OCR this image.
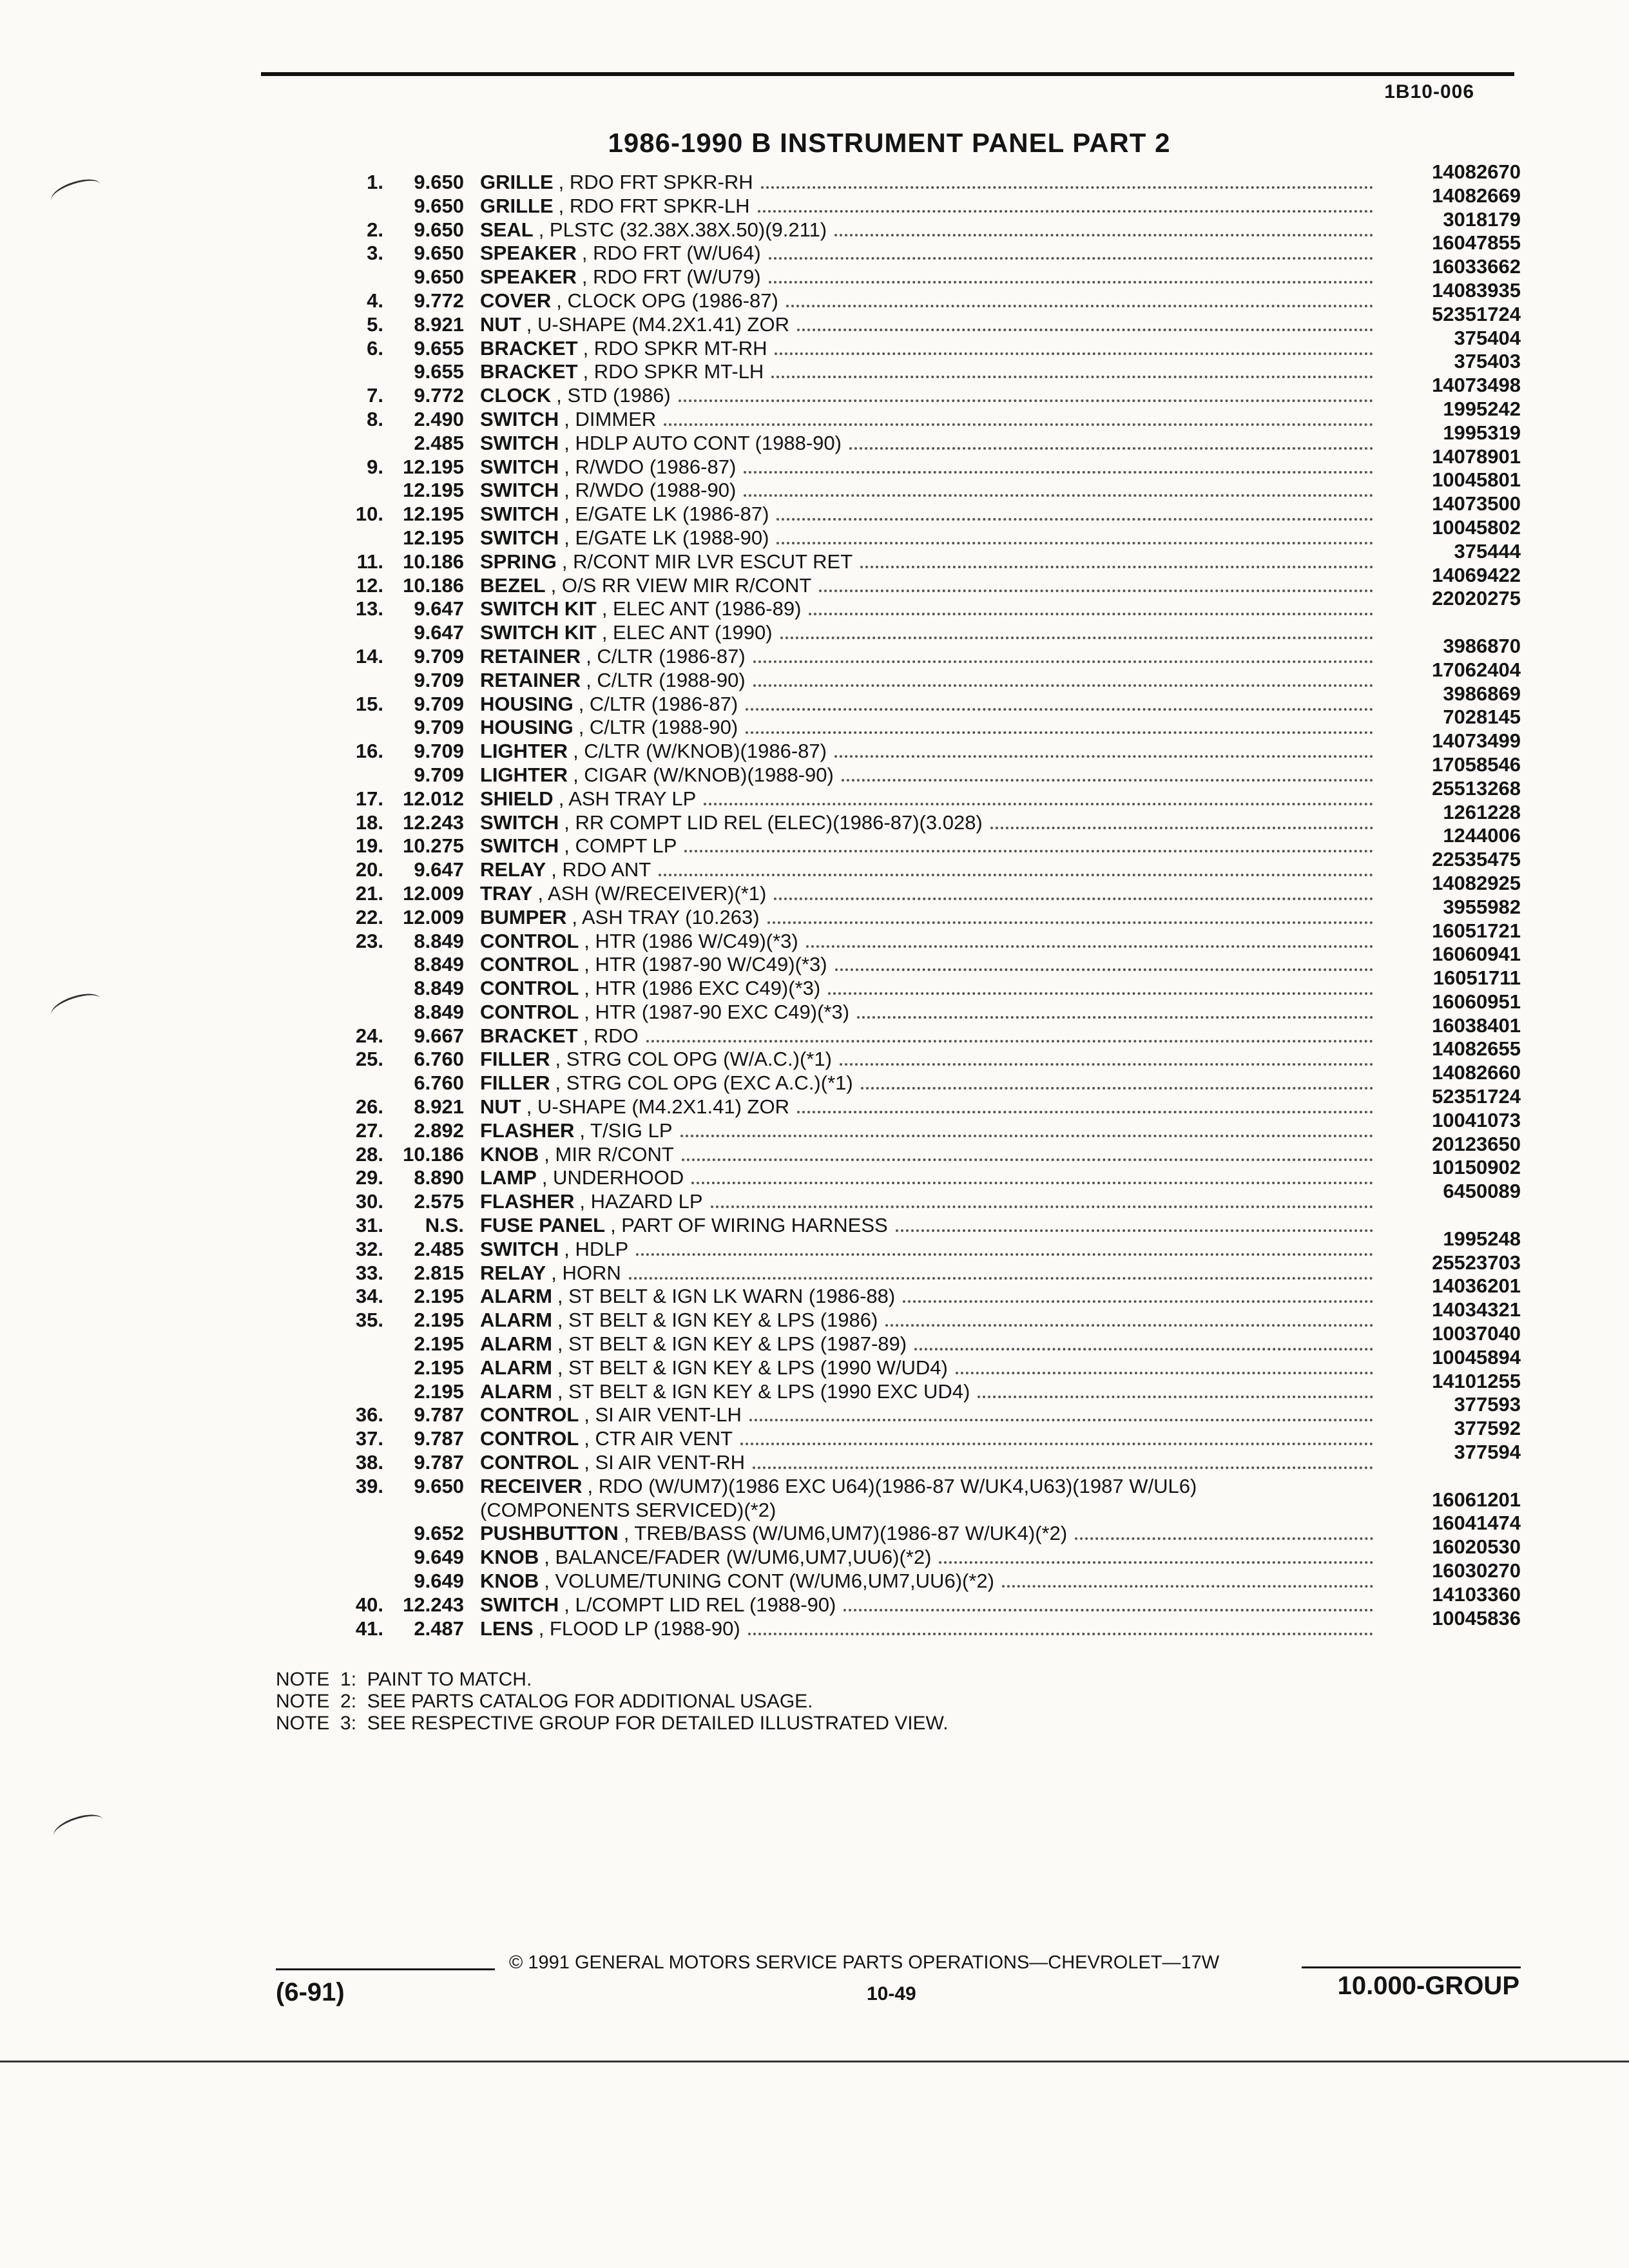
1B10-006
1986-1990 B INSTRUMENT PANEL PART 2
1.	9.650 GRILLE , RDO FRT SPKR-RH	14082670
9.650 GRILLE , RDO FRT SPKR-LH	14082669
2.	9.650 SEAL , PLSTC (32.38X.38X.50)(9.211)	3018179
3.	9.650 SPEAKER , RDO FRT (W/U64)	16047855
9.650 SPEAKER , RDO FRT (W/U79)	16033662
4.	9.772 COVER , CLOCK OPG (1986-87)	14083935
5.	8.921 NUT , U-SHAPE (M4.2X1.41) ZOR	52351724
6.	9.655 BRACKET , RDO SPKR MT-RH	375404
9.655 BRACKET , RDO SPKR MT-LH	375403
7.	9.772 CLOCK , STD (1986)	14073498
8.	2.490 SWITCH , DIMMER	1995242
2.485 SWITCH , HDLP AUTO CONT (1988-90)	1995319
9. 12.195 SWITCH , R/WDO (1986-87)	14078901
12.195 SWITCH , R/WDO (1988-90)	10045801
10. 12.195 SWITCH , E/GATE LK (1986-87)	14073500
12.195 SWITCH , E/GATE LK (1988-90)	10045802
11. 10.186 SPRING , R/CONT MIR LVR ESCUT RET	375444
12. 10.186 BEZEL , O/S RR VIEW MIR R/CONT	14069422
13.	9.647 SWITCH KIT , ELEC ANT (1986-89)	22020275
9.647 SWITCH KIT , ELEC ANT (1990)
14.	9.709 RETAINER , C/LTR (1986-87)	3986870
9.709 RETAINER , C/LTR (1988-90)	17062404
15.	9.709 HOUSING , C/LTR (1986-87)	3986869
9.709 HOUSING , C/LTR (1988-90)	7028145
16.	9.709 LIGHTER , C/LTR (W/KNOB)(1986-87)	14073499
9.709 LIGHTER , CIGAR (W/KNOB)(1988-90)	17058546
17. 12.012 SHIELD , ASH TRAY LP	25513268
18. 12.243 SWITCH , RR COMPT LID REL (ELEC)(1986-87)(3.028)	1261228
19. 10.275 SWITCH , COMPT LP	1244006
20.	9.647 RELAY , RDO ANT	22535475
21. 12.009 TRAY , ASH (W/RECEIVER)(*1)	14082925
22. 12.009 BUMPER , ASH TRAY (10.263)	3955982
23.	8.849 CONTROL , HTR (1986 W/C49)(*3)	16051721
8.849 CONTROL , HTR (1987-90 W/C49)(*3)	16060941
8.849 CONTROL , HTR (1986 EXC C49)(*3)	16051711
8.849 CONTROL , HTR (1987-90 EXC C49)(*3)	16060951
24.	9.667 BRACKET , RDO	16038401
25.	6.760 FILLER , STRG COL OPG (W/A.C.)(*1)	14082655
6.760 FILLER , STRG COL OPG (EXC A.C.)(*1)	14082660
26.	8.921 NUT , U-SHAPE (M4.2X1.41) ZOR	52351724
27.	2.892 FLASHER , T/SIG LP	10041073
28. 10.186 KNOB , MIR R/CONT	20123650
29.	8.890 LAMP , UNDERHOOD	10150902
30.	2.575 FLASHER , HAZARD LP	6450089
31.	N.S. FUSE PANEL , PART OF WIRING HARNESS
32.	2.485 SWITCH , HDLP	1995248
33.	2.815 RELAY , HORN	25523703
34.	2.195 ALARM , ST BELT & IGN LK WARN (1986-88)	14036201
35.	2.195 ALARM , ST BELT & IGN KEY & LPS (1986)	14034321
2.195 ALARM , ST BELT & IGN KEY & LPS (1987-89)	10037040
2.195 ALARM , ST BELT & IGN KEY & LPS (1990 W/UD4)	10045894
2.195 ALARM , ST BELT & IGN KEY & LPS (1990 EXC UD4)	14101255
36.	9.787 CONTROL , SI AIR VENT-LH	377593
37.	9.787 CONTROL , CTR AIR VENT	377592
38.	9.787 CONTROL , SI AIR VENT-RH	377594
39.	9.650 RECEIVER , RDO (W/UM7)(1986 EXC U64)(1986-87 W/UK4,U63)(1987 W/UL6)
(COMPONENTS SERVICED)(*2)	16061201
9.652 PUSHBUTTON , TREB/BASS (W/UM6,UM7)(1986-87 W/UK4)(*2)	16041474
9.649 KNOB , BALANCE/FADER (W/UM6,UM7,UU6)(*2)	16020530
9.649 KNOB , VOLUME/TUNING CONT (W/UM6,UM7,UU6)(*2)	16030270
40. 12.243 SWITCH , L/COMPT LID REL (1988-90)	14103360
41.	2.487 LENS , FLOOD LP (1988-90)	10045836
NOTE  1:  PAINT TO MATCH.
NOTE  2:  SEE PARTS CATALOG FOR ADDITIONAL USAGE.
NOTE  3:  SEE RESPECTIVE GROUP FOR DETAILED ILLUSTRATED VIEW.
© 1991 GENERAL MOTORS SERVICE PARTS OPERATIONS—CHEVROLET—17W
(6-91)	10-49	10.000-GROUP
